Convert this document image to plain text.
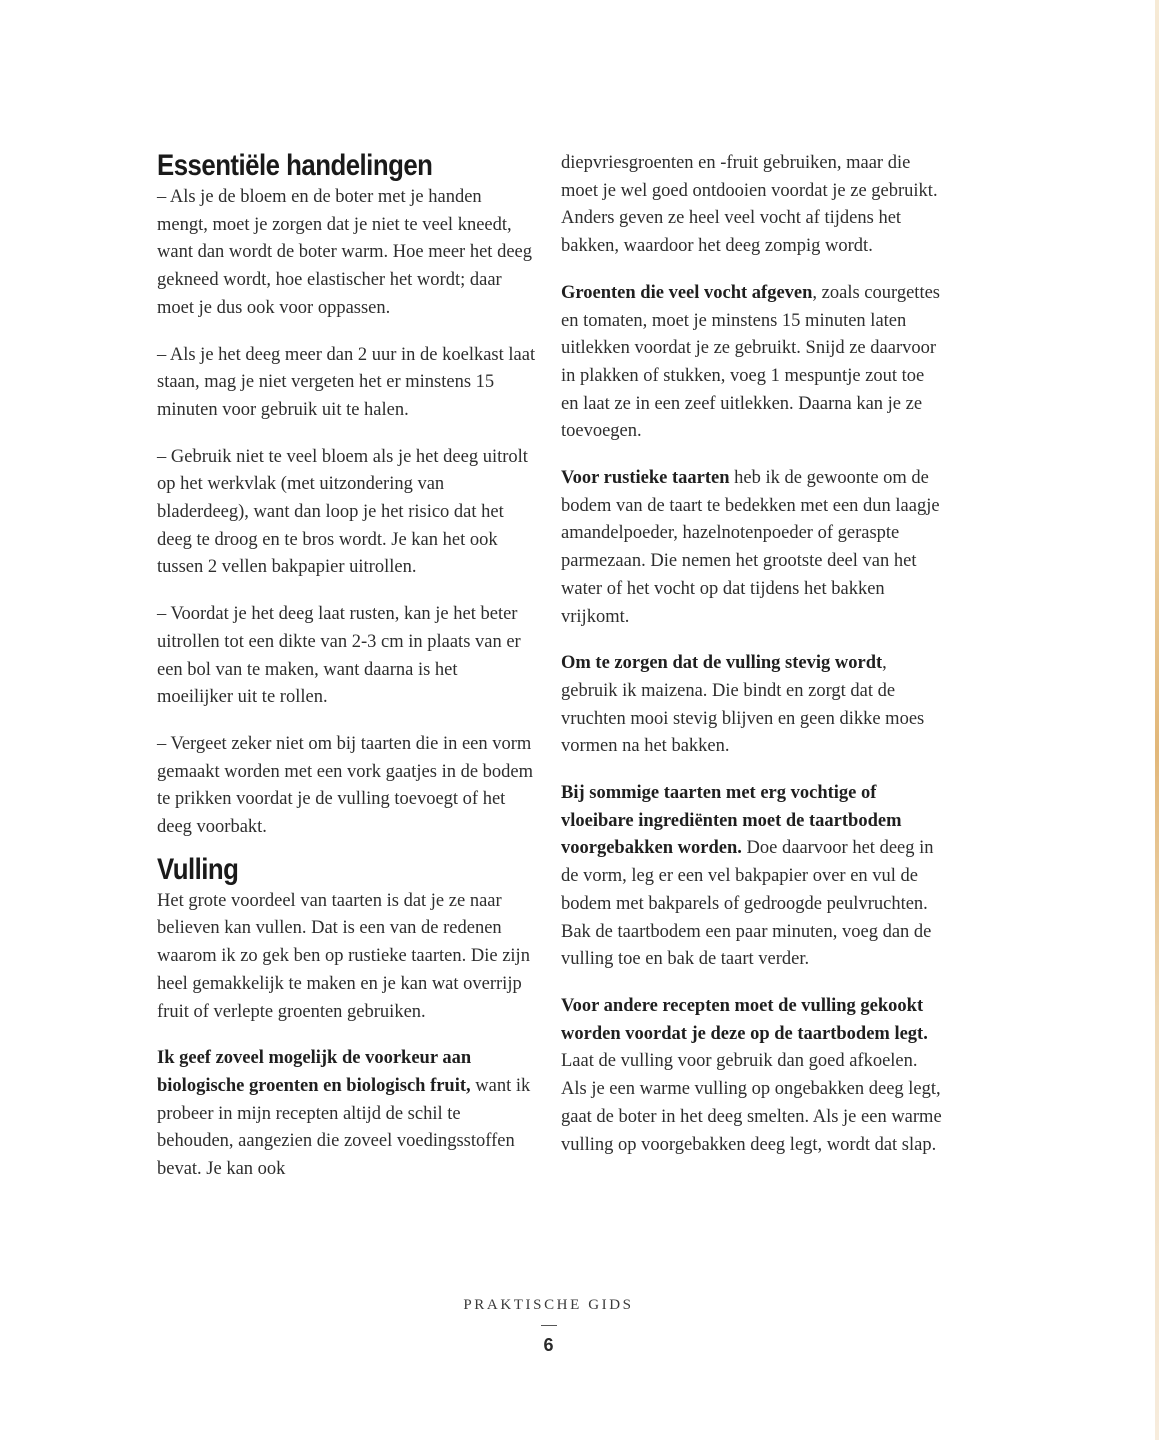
Essentiële handelingen

– Als je de bloem en de boter met je handen mengt, moet je zorgen dat je niet te veel kneedt, want dan wordt de boter warm. Hoe meer het deeg gekneed wordt, hoe elastischer het wordt; daar moet je dus ook voor oppassen.

– Als je het deeg meer dan 2 uur in de koelkast laat staan, mag je niet vergeten het er minstens 15 minuten voor gebruik uit te halen.

– Gebruik niet te veel bloem als je het deeg uitrolt op het werkvlak (met uitzondering van bladerdeeg), want dan loop je het risico dat het deeg te droog en te bros wordt. Je kan het ook tussen 2 vellen bakpapier uitrollen.

– Voordat je het deeg laat rusten, kan je het beter uitrollen tot een dikte van 2-3 cm in plaats van er een bol van te maken, want daarna is het moeilijker uit te rollen.

– Vergeet zeker niet om bij taarten die in een vorm gemaakt worden met een vork gaatjes in de bodem te prikken voordat je de vulling toevoegt of het deeg voorbakt.

Vulling

Het grote voordeel van taarten is dat je ze naar believen kan vullen. Dat is een van de redenen waarom ik zo gek ben op rustieke taarten. Die zijn heel gemakkelijk te maken en je kan wat overrijp fruit of verlepte groenten gebruiken.

Ik geef zoveel mogelijk de voorkeur aan biologische groenten en biologisch fruit, want ik probeer in mijn recepten altijd de schil te behouden, aangezien die zoveel voedingsstoffen bevat. Je kan ook

diepvriesgroenten en -fruit gebruiken, maar die moet je wel goed ontdooien voordat je ze gebruikt. Anders geven ze heel veel vocht af tijdens het bakken, waardoor het deeg zompig wordt.

Groenten die veel vocht afgeven, zoals courgettes en tomaten, moet je minstens 15 minuten laten uitlekken voordat je ze gebruikt. Snijd ze daarvoor in plakken of stukken, voeg 1 mespuntje zout toe en laat ze in een zeef uitlekken. Daarna kan je ze toevoegen.

Voor rustieke taarten heb ik de gewoonte om de bodem van de taart te bedekken met een dun laagje amandelpoeder, hazelnotenpoeder of geraspte parmezaan. Die nemen het grootste deel van het water of het vocht op dat tijdens het bakken vrijkomt.

Om te zorgen dat de vulling stevig wordt, gebruik ik maizena. Die bindt en zorgt dat de vruchten mooi stevig blijven en geen dikke moes vormen na het bakken.

Bij sommige taarten met erg vochtige of vloeibare ingrediënten moet de taartbodem voorgebakken worden. Doe daarvoor het deeg in de vorm, leg er een vel bakpapier over en vul de bodem met bakparels of gedroogde peulvruchten. Bak de taartbodem een paar minuten, voeg dan de vulling toe en bak de taart verder.

Voor andere recepten moet de vulling gekookt worden voordat je deze op de taartbodem legt. Laat de vulling voor gebruik dan goed afkoelen. Als je een warme vulling op ongebakken deeg legt, gaat de boter in het deeg smelten. Als je een warme vulling op voorgebakken deeg legt, wordt dat slap.

PRAKTISCHE GIDS
6
